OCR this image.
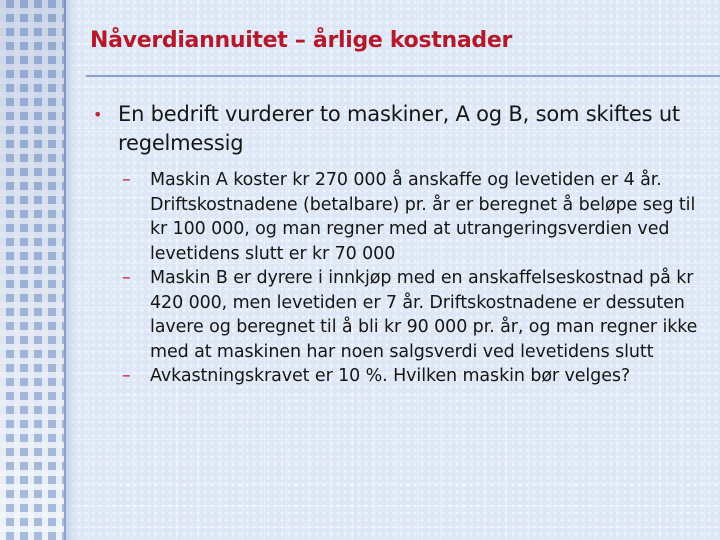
Nåverdiannuitet – årlige kostnader
• En bedrift vurderer to maskiner, A og B, som skiftes ut regelmessig
– Maskin A koster kr 270 000 å anskaffe og levetiden er 4 år. Driftskostnadene (betalbare) pr. år er beregnet å beløpe seg til kr 100 000, og man regner med at utrangeringsverdien ved levetidens slutt er kr 70 000
– Maskin B er dyrere i innkjøp med en anskaffelseskostnad på kr 420 000, men levetiden er 7 år. Driftskostnadene er dessuten lavere og beregnet til å bli kr 90 000 pr. år, og man regner ikke med at maskinen har noen salgsverdi ved levetidens slutt
– Avkastningskravet er 10 %. Hvilken maskin bør velges?
